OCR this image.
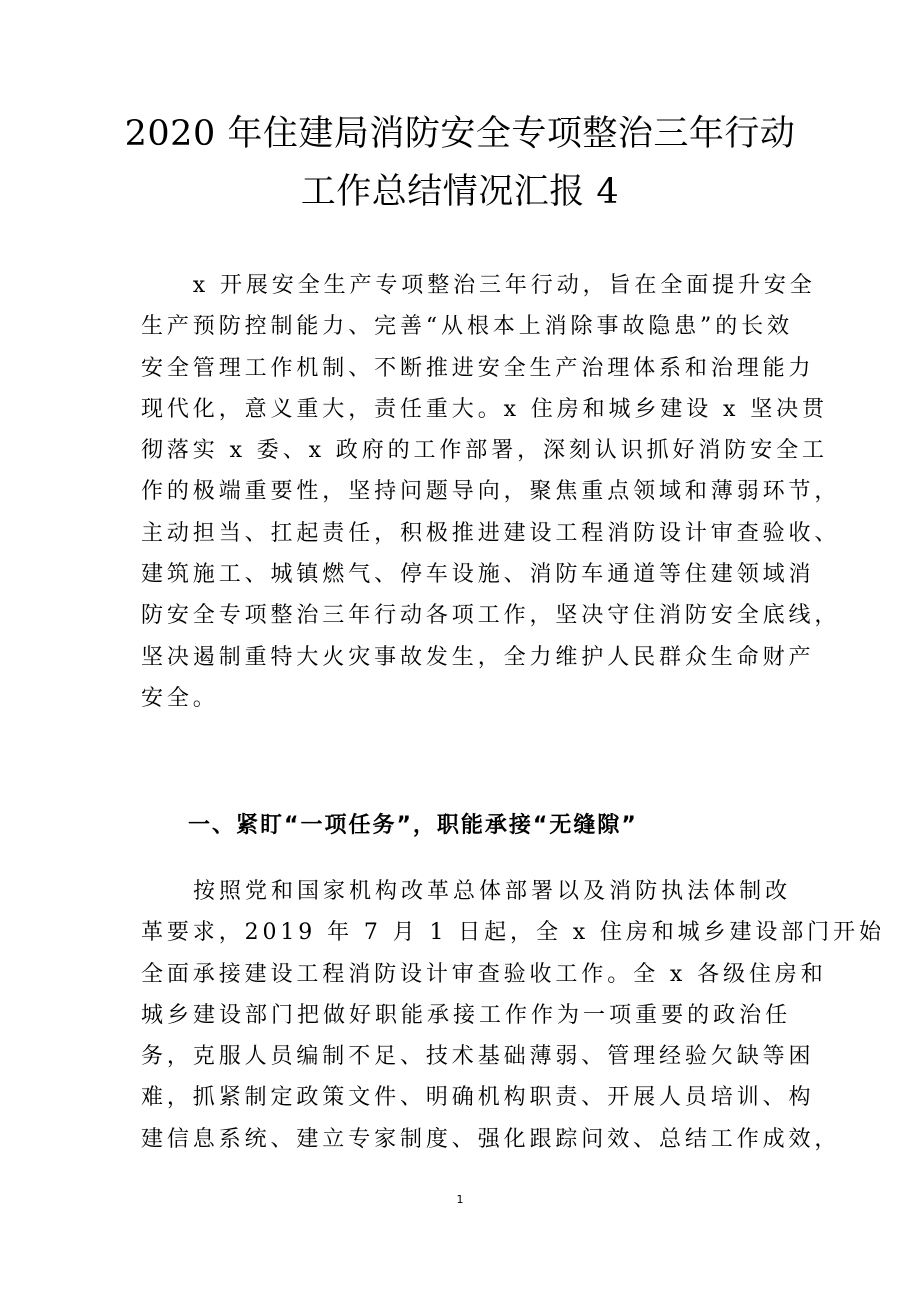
2020 年住建局消防安全专项整治三年行动
工作总结情况汇报 4
　　x 开展安全生产专项整治三年行动，旨在全面提升安全
生产预防控制能力、完善“从根本上消除事故隐患”的长效
安全管理工作机制、不断推进安全生产治理体系和治理能力
现代化，意义重大，责任重大。x 住房和城乡建设 x 坚决贯
彻落实 x 委、x 政府的工作部署，深刻认识抓好消防安全工
作的极端重要性，坚持问题导向，聚焦重点领域和薄弱环节，
主动担当、扛起责任，积极推进建设工程消防设计审查验收、
建筑施工、城镇燃气、停车设施、消防车通道等住建领域消
防安全专项整治三年行动各项工作，坚决守住消防安全底线，
坚决遏制重特大火灾事故发生，全力维护人民群众生命财产
安全。
一、紧盯“一项任务”，职能承接“无缝隙”
　　按照党和国家机构改革总体部署以及消防执法体制改
革要求，2019 年 7 月 1 日起，全 x 住房和城乡建设部门开始
全面承接建设工程消防设计审查验收工作。全 x 各级住房和
城乡建设部门把做好职能承接工作作为一项重要的政治任
务，克服人员编制不足、技术基础薄弱、管理经验欠缺等困
难，抓紧制定政策文件、明确机构职责、开展人员培训、构
建信息系统、建立专家制度、强化跟踪问效、总结工作成效，
1
